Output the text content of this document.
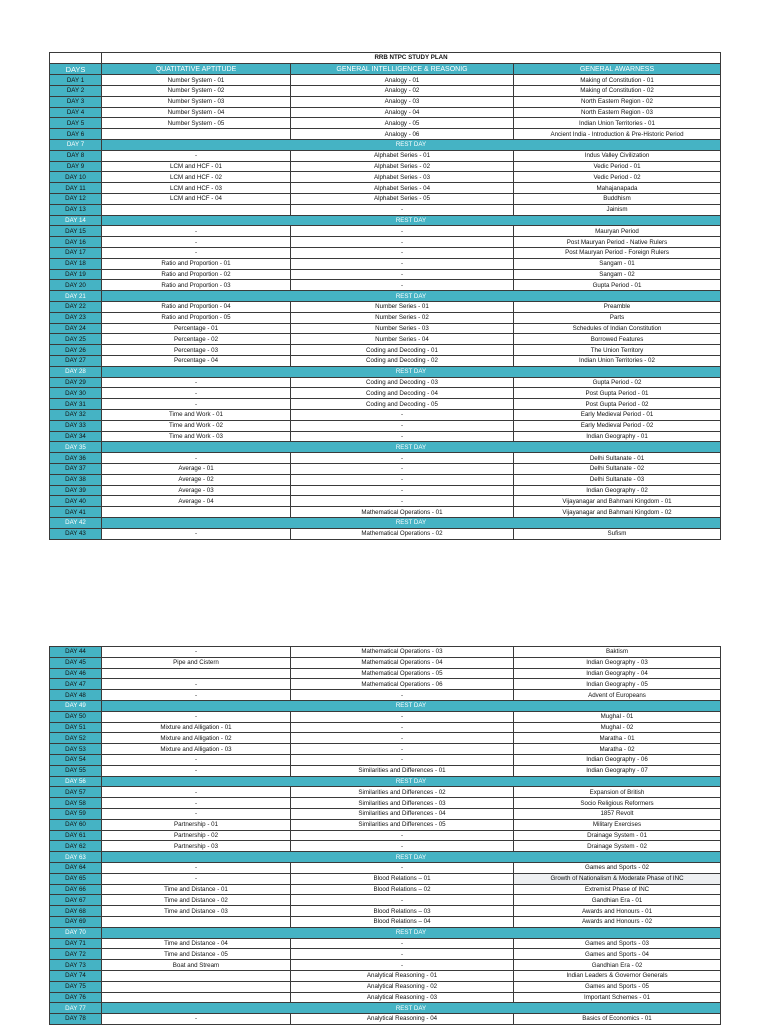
	RRB NTPC STUDY PLAN		
DAYS	QUATITATIVE APTITUDE	GENERAL INTELLIGENCE & REASONIG	GENERAL AWARNESS
DAY 1	Number System - 01	Analogy - 01	Making of Constitution - 01
DAY 2	Number System - 02	Analogy - 02	Making of Constitution - 02
DAY 3	Number System - 03	Analogy - 03	North Eastern Region - 02
DAY 4	Number System - 04	Analogy - 04	North Eastern Region - 03
DAY 5	Number System - 05	Analogy - 05	Indian Union Territories - 01
DAY 6		Analogy - 06	Ancient India - Introduction & Pre-Historic Period
DAY 7	REST DAY		
DAY 8	-	Alphabet Series - 01	Indus Valley Civilization
DAY 9	LCM and HCF - 01	Alphabet Series - 02	Vedic Period - 01
DAY 10	LCM and HCF - 02	Alphabet Series - 03	Vedic Period - 02
DAY 11	LCM and HCF - 03	Alphabet Series - 04	Mahajanapada
DAY 12	LCM and HCF - 04	Alphabet Series - 05	Buddhism
DAY 13		-	Jainism
DAY 14	REST DAY		
DAY 15	-	-	Mauryan Period
DAY 16	-	-	Post Mauryan Period - Native Rulers
DAY 17	-	-	Post Mauryan Period - Foreign Rulers
DAY 18	Ratio and Proportion - 01	-	Sangam - 01
DAY 19	Ratio and Proportion - 02	-	Sangam - 02
DAY 20	Ratio and Proportion - 03	-	Gupta Period - 01
DAY 21	REST DAY		
DAY 22	Ratio and Proportion - 04	Number Series - 01	Preamble
DAY 23	Ratio and Proportion - 05	Number Series - 02	Parts
DAY 24	Percentage - 01	Number Series - 03	Schedules of Indian Constitution
DAY 25	Percentage - 02	Number Series - 04	Borrowed Features
DAY 26	Percentage - 03	Coding and Decoding - 01	The Union Territory
DAY 27	Percentage - 04	Coding and Decoding - 02	Indian Union Territories - 02
DAY 28	REST DAY		
DAY 29	-	Coding and Decoding - 03	Gupta Period - 02
DAY 30	-	Coding and Decoding - 04	Post Gupta Period - 01
DAY 31	-	Coding and Decoding - 05	Post Gupta Period - 02
DAY 32	Time and Work - 01	-	Early Medieval Period - 01
DAY 33	Time and Work - 02	-	Early Medieval Period - 02
DAY 34	Time and Work - 03	-	Indian Geography - 01
DAY 35	REST DAY		
DAY 36	-	-	Delhi Sultanate - 01
DAY 37	Average - 01	-	Delhi Sultanate - 02
DAY 38	Average - 02	-	Delhi Sultanate - 03
DAY 39	Average - 03	-	Indian Geography - 02
DAY 40	Average - 04	-	Vijayanagar and Bahmani Kingdom - 01
DAY 41		Mathematical Operations - 01	Vijayanagar and Bahmani Kingdom - 02
DAY 42	REST DAY		
DAY 43	-	Mathematical Operations - 02	Sufism
DAY 44	-	Mathematical Operations - 03	Baktism
DAY 45	Pipe and Cistern	Mathematical Operations - 04	Indian Geography - 03
DAY 46		Mathematical Operations - 05	Indian Geography - 04
DAY 47	-	Mathematical Operations - 06	Indian Geography - 05
DAY 48	-	-	Advent of Europeans
DAY 49	REST DAY		
DAY 50	-	-	Mughal - 01
DAY 51	Mixture and Alligation - 01	-	Mughal - 02
DAY 52	Mixture and Alligation - 02	-	Maratha - 01
DAY 53	Mixture and Alligation - 03	-	Maratha - 02
DAY 54	-	-	Indian Geography - 06
DAY 55	-	Similarities and Differences - 01	Indian Geography - 07
DAY 56	REST DAY		
DAY 57	-	Similarities and Differences - 02	Expansion of British
DAY 58	-	Similarities and Differences - 03	Socio Religious Reformers
DAY 59	-	Similarities and Differences - 04	1857 Revolt
DAY 60	Partnership - 01	Similarities and Differences - 05	Military Exercises
DAY 61	Partnership - 02	-	Drainage System - 01
DAY 62	Partnership - 03	-	Drainage System - 02
DAY 63	REST DAY		
DAY 64	-	-	Games and Sports - 02
DAY 65	-	Blood Relations – 01	Growth of Nationalism & Moderate Phase of INC
DAY 66	Time and Distance - 01	Blood Relations – 02	Extremist Phase of INC
DAY 67	Time and Distance - 02	-	Gandhian Era - 01
DAY 68	Time and Distance - 03	Blood Relations – 03	Awards and Honours - 01
DAY 69		Blood Relations – 04	Awards and Honours - 02
DAY 70	REST DAY		
DAY 71	Time and Distance - 04	-	Games and Sports - 03
DAY 72	Time and Distance - 05	-	Games and Sports - 04
DAY 73	Boat and Stream	-	Gandhian Era - 02
DAY 74		Analytical Reasoning - 01	Indian Leaders & Governor Generals
DAY 75		Analytical Reasoning - 02	Games and Sports - 05
DAY 76		Analytical Reasoning - 03	Important Schemes - 01
DAY 77	REST DAY		
DAY 78	-	Analytical Reasoning - 04	Basics of Economics - 01
